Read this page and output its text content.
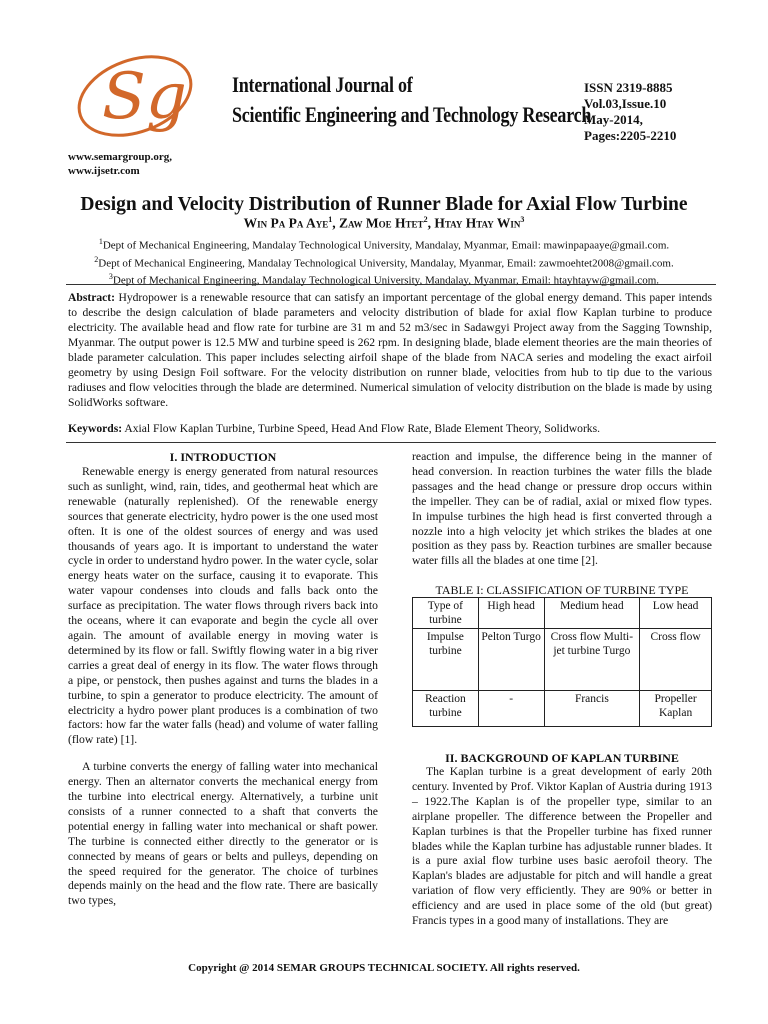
Sg International Journal of
Scientific Engineering and Technology Research
ISSN 2319-8885
Vol.03,Issue.10
May-2014,
Pages:2205-2210
www.semargroup.org,
www.ijsetr.com
Design and Velocity Distribution of Runner Blade for Axial Flow Turbine
Win Pa Pa Aye$^1$, Zaw Moe Htet$^2$, Htay Htay Win$^3$
$^1$Dept of Mechanical Engineering, Mandalay Technological University, Mandalay, Myanmar, Email: mawinpapaaye@gmail.com.
$^2$Dept of Mechanical Engineering, Mandalay Technological University, Mandalay, Myanmar, Email: zawmoehtet2008@gmail.com.
$^3$Dept of Mechanical Engineering, Mandalay Technological University, Mandalay, Myanmar, Email: htayhtayw@gmail.com.
Abstract: Hydropower is a renewable resource that can satisfy an important percentage of the global energy demand. This paper intends to describe the design calculation of blade parameters and velocity distribution of blade for axial flow Kaplan turbine to produce electricity. The available head and flow rate for turbine are 31 m and 52 m3/sec in Sadawgyi Project away from the Sagging Township, Myanmar. The output power is 12.5 MW and turbine speed is 262 rpm. In designing blade, blade element theories are the main theories of blade parameter calculation. This paper includes selecting airfoil shape of the blade from NACA series and modeling the exact airfoil geometry by using Design Foil software. For the velocity distribution on runner blade, velocities from hub to tip due to the various radiuses and flow velocities through the blade are determined. Numerical simulation of velocity distribution on the blade is made by using SolidWorks software.
Keywords: Axial Flow Kaplan Turbine, Turbine Speed, Head And Flow Rate, Blade Element Theory, Solidworks.
I. INTRODUCTION

Renewable energy is energy generated from natural resources such as sunlight, wind, rain, tides, and geothermal heat which are renewable (naturally replenished). Of the renewable energy sources that generate electricity, hydro power is the one used most often. It is one of the oldest sources of energy and was used thousands of years ago. It is important to understand the water cycle in order to understand hydro power. In the water cycle, solar energy heats water on the surface, causing it to evaporate. This water vapour condenses into clouds and falls back onto the surface as precipitation. The water flows through rivers back into the oceans, where it can evaporate and begin the cycle all over again. The amount of available energy in moving water is determined by its flow or fall. Swiftly flowing water in a big river carries a great deal of energy in its flow. The water flows through a pipe, or penstock, then pushes against and turns the blades in a turbine, to spin a generator to produce electricity. The amount of electricity a hydro power plant produces is a combination of two factors: how far the water falls (head) and volume of water falling (flow rate) [1].

A turbine converts the energy of falling water into mechanical energy. Then an alternator converts the mechanical energy from the turbine into electrical energy. Alternatively, a turbine unit consists of a runner connected to a shaft that converts the potential energy in falling water into mechanical or shaft power. The turbine is connected either directly to the generator or is connected by means of gears or belts and pulleys, depending on the speed required for the generator. The choice of turbines depends mainly on the head and the flow rate. There are basically two types,

reaction and impulse, the difference being in the manner of head conversion. In reaction turbines the water fills the blade passages and the head change or pressure drop occurs within the impeller. They can be of radial, axial or mixed flow types. In impulse turbines the high head is first converted through a nozzle into a high velocity jet which strikes the blades at one position as they pass by. Reaction turbines are smaller because water fills all the blades at one time [2].

TABLE I: CLASSIFICATION OF TURBINE TYPE
Type of turbine	High head	Medium head	Low head
Impulse turbine	Pelton Turgo	Cross flow Multi-jet turbine Turgo	Cross flow
Reaction turbine	-	Francis	Propeller Kaplan
II. BACKGROUND OF KAPLAN TURBINE

The Kaplan turbine is a great development of early 20th century. Invented by Prof. Viktor Kaplan of Austria during 1913 – 1922.The Kaplan is of the propeller type, similar to an airplane propeller. The difference between the Propeller and Kaplan turbines is that the Propeller turbine has fixed runner blades while the Kaplan turbine has adjustable runner blades. It is a pure axial flow turbine uses basic aerofoil theory. The Kaplan's blades are adjustable for pitch and will handle a great variation of flow very efficiently. They are 90% or better in efficiency and are used in place some of the old (but great) Francis types in a good many of installations. They are

Copyright @ 2014 SEMAR GROUPS TECHNICAL SOCIETY. All rights reserved.
